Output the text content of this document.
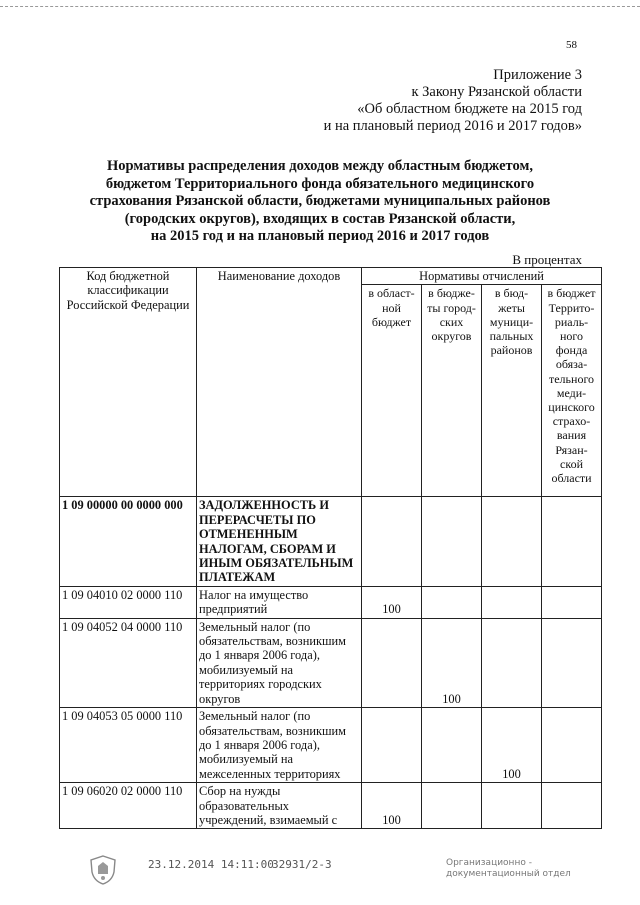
58
Приложение 3
к Закону Рязанской области
«Об областном бюджете на 2015 год
и на плановый период 2016 и 2017 годов»
Нормативы распределения доходов между областным бюджетом,
бюджетом Территориального фонда обязательного медицинского
страхования Рязанской области, бюджетами муниципальных районов
(городских округов), входящих в состав Рязанской области,
на 2015 год и на плановый период 2016 и 2017 годов
В процентах
Код бюджетной классификации Российской Федерации	Наименование доходов	Нормативы отчислений			
		в област-ной бюджет	в бюдже-ты город-ских округов	в бюд-жеты муници-пальных районов	в бюджет Террито-риаль-ного фонда обяза-тельного меди-цинского страхо-вания Рязан-ской области
1 09 00000 00 0000 000	ЗАДОЛЖЕННОСТЬ И ПЕРЕРАСЧЕТЫ ПО ОТМЕНЕННЫМ НАЛОГАМ, СБОРАМ И ИНЫМ ОБЯЗАТЕЛЬНЫМ ПЛАТЕЖАМ				
1 09 04010 02 0000 110	Налог на имущество предприятий	100			
1 09 04052 04 0000 110	Земельный налог (по обязательствам, возникшим до 1 января 2006 года), мобилизуемый на территориях городских округов		100		
1 09 04053 05 0000 110	Земельный налог (по обязательствам, возникшим до 1 января 2006 года), мобилизуемый на межселенных территориях			100	
1 09 06020 02 0000 110	Сбор на нужды образовательных учреждений, взимаемый с	100			
23.12.2014 14:11:00
32931/2-3	Организационно -
документационный отдел
